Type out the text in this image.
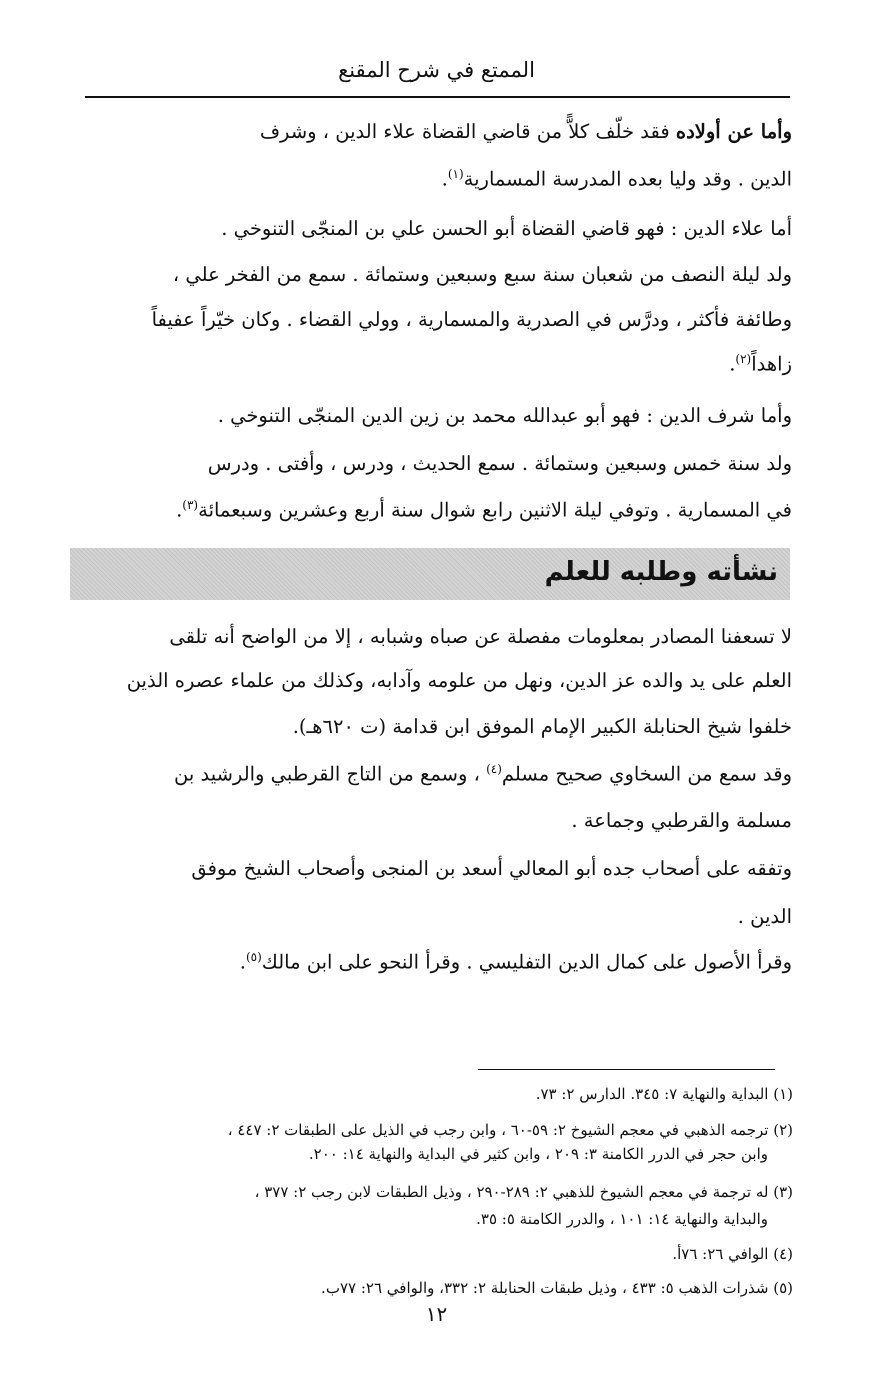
الممتع في شرح المقنع
وأما عن أولاده فقد خلّف كلاًّ من قاضي القضاة علاء الدين ، وشرف
الدين . وقد وليا بعده المدرسة المسمارية$^{(١)}$.
أما علاء الدين : فهو قاضي القضاة أبو الحسن علي بن المنجّى التنوخي .
ولد ليلة النصف من شعبان سنة سبع وسبعين وستمائة . سمع من الفخر علي ،
وطائفة فأكثر ، ودرَّس في الصدرية والمسمارية ، وولي القضاء . وكان خيّراً عفيفاً
زاهداً$^{(٢)}$.
وأما شرف الدين : فهو أبو عبدالله محمد بن زين الدين المنجّى التنوخي .
ولد سنة خمس وسبعين وستمائة . سمع الحديث ، ودرس ، وأفتى . ودرس
في المسمارية . وتوفي ليلة الاثنين رابع شوال سنة أربع وعشرين وسبعمائة$^{(٣)}$.
نشأته وطلبه للعلم
لا تسعفنا المصادر بمعلومات مفصلة عن صباه وشبابه ، إلا من الواضح أنه تلقى
العلم على يد والده عز الدين، ونهل من علومه وآدابه، وكذلك من علماء عصره الذين
خلفوا شيخ الحنابلة الكبير الإمام الموفق ابن قدامة (ت ٦٢٠هـ).
وقد سمع من السخاوي صحيح مسلم$^{(٤)}$ ، وسمع من التاج القرطبي والرشيد بن
مسلمة والقرطبي وجماعة .
وتفقه على أصحاب جده أبو المعالي أسعد بن المنجى وأصحاب الشيخ موفق
الدين .
وقرأ الأصول على كمال الدين التفليسي . وقرأ النحو على ابن مالك$^{(٥)}$.
(١) البداية والنهاية ٧: ٣٤٥. الدارس ٢: ٧٣.
(٢) ترجمه الذهبي في معجم الشيوخ ٢: ٥٩-٦٠ ، وابن رجب في الذيل على الطبقات ٢: ٤٤٧ ،
وابن حجر في الدرر الكامنة ٣: ٢٠٩ ، وابن كثير في البداية والنهاية ١٤: ٢٠٠.
(٣) له ترجمة في معجم الشيوخ للذهبي ٢: ٢٨٩-٢٩٠ ، وذيل الطبقات لابن رجب ٢: ٣٧٧ ،
والبداية والنهاية ١٤: ١٠١ ، والدرر الكامنة ٥: ٣٥.
(٤) الوافي ٢٦: ٧٦أ.
(٥) شذرات الذهب ٥: ٤٣٣ ، وذيل طبقات الحنابلة ٢: ٣٣٢، والوافي ٢٦: ٧٧ب.
١٢
